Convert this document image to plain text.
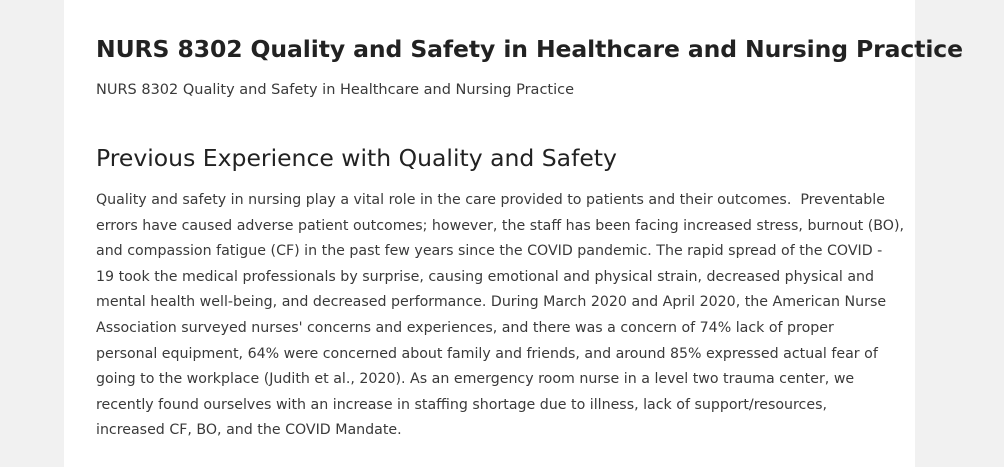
NURS 8302 Quality and Safety in Healthcare and Nursing Practice

NURS 8302 Quality and Safety in Healthcare and Nursing Practice

Previous Experience with Quality and Safety

Quality and safety in nursing play a vital role in the care provided to patients and their outcomes.  Preventable
errors have caused adverse patient outcomes; however, the staff has been facing increased stress, burnout (BO),
and compassion fatigue (CF) in the past few years since the COVID pandemic. The rapid spread of the COVID -
19 took the medical professionals by surprise, causing emotional and physical strain, decreased physical and
mental health well-being, and decreased performance. During March 2020 and April 2020, the American Nurse
Association surveyed nurses' concerns and experiences, and there was a concern of 74% lack of proper
personal equipment, 64% were concerned about family and friends, and around 85% expressed actual fear of
going to the workplace (Judith et al., 2020). As an emergency room nurse in a level two trauma center, we
recently found ourselves with an increase in staffing shortage due to illness, lack of support/resources,
increased CF, BO, and the COVID Mandate.
